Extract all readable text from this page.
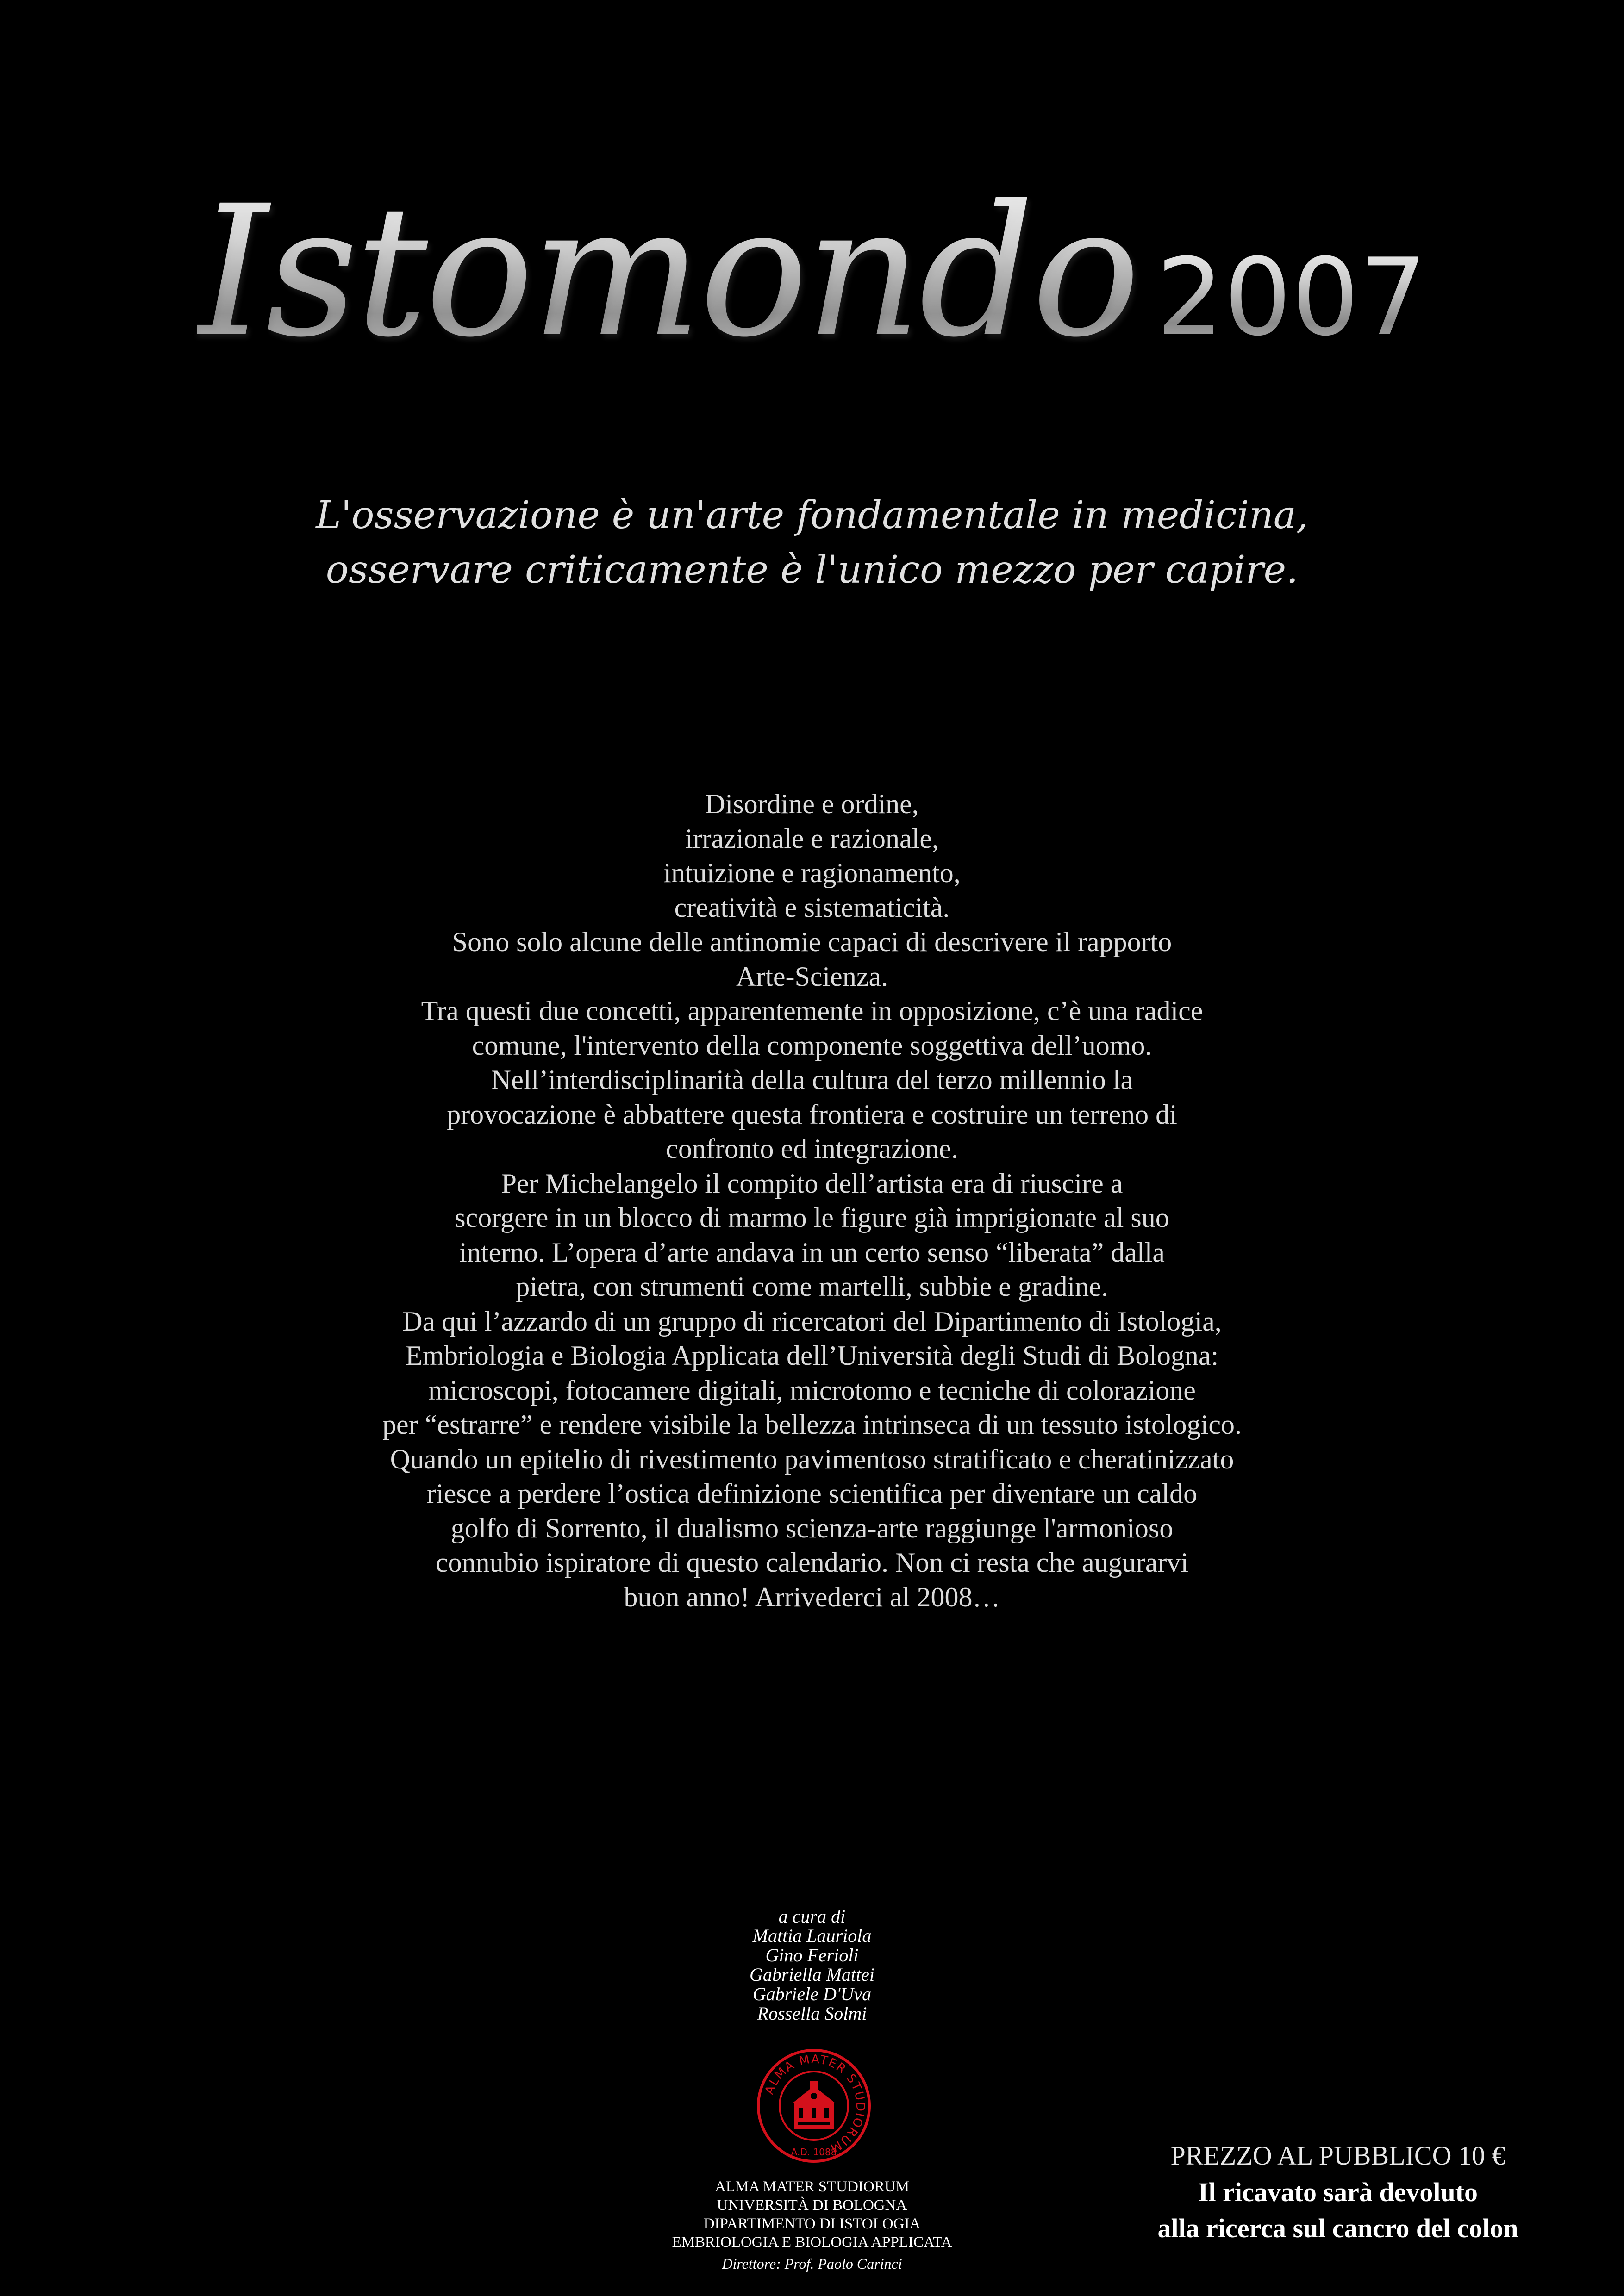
Istomondo 2007
L'osservazione è un'arte fondamentale in medicina,
osservare criticamente è l'unico mezzo per capire.
Disordine e ordine,
irrazionale e razionale,
intuizione e ragionamento,
creatività e sistematicità.
Sono solo alcune delle antinomie capaci di descrivere il rapporto
Arte-Scienza.
Tra questi due concetti, apparentemente in opposizione, c’è una radice
comune, l'intervento della componente soggettiva dell’uomo.
Nell’interdisciplinarità della cultura del terzo millennio la
provocazione è abbattere questa frontiera e costruire un terreno di
confronto ed integrazione.
Per Michelangelo il compito dell’artista era di riuscire a
scorgere in un blocco di marmo le figure già imprigionate al suo
interno. L’opera d’arte andava in un certo senso “liberata” dalla
pietra, con strumenti come martelli, subbie e gradine.
Da qui l’azzardo di un gruppo di ricercatori del Dipartimento di Istologia,
Embriologia e Biologia Applicata dell’Università degli Studi di Bologna:
microscopi, fotocamere digitali, microtomo e tecniche di colorazione
per “estrarre” e rendere visibile la bellezza intrinseca di un tessuto istologico.
Quando un epitelio di rivestimento pavimentoso stratificato e cheratinizzato
riesce a perdere l’ostica definizione scientifica per diventare un caldo
golfo di Sorrento, il dualismo scienza-arte raggiunge l'armonioso
connubio ispiratore di questo calendario. Non ci resta che augurarvi
buon anno! Arrivederci al 2008…
a cura di
Mattia Lauriola
Gino Ferioli
Gabriella Mattei
Gabriele D'Uva
Rossella Solmi
ALMA MATER STUDIORUM
A.D. 1088
ALMA MATER STUDIORUM
UNIVERSITÀ DI BOLOGNA
DIPARTIMENTO DI ISTOLOGIA
EMBRIOLOGIA E BIOLOGIA APPLICATA
Direttore: Prof. Paolo Carinci
PREZZO AL PUBBLICO 10 €
Il ricavato sarà devoluto
alla ricerca sul cancro del colon
